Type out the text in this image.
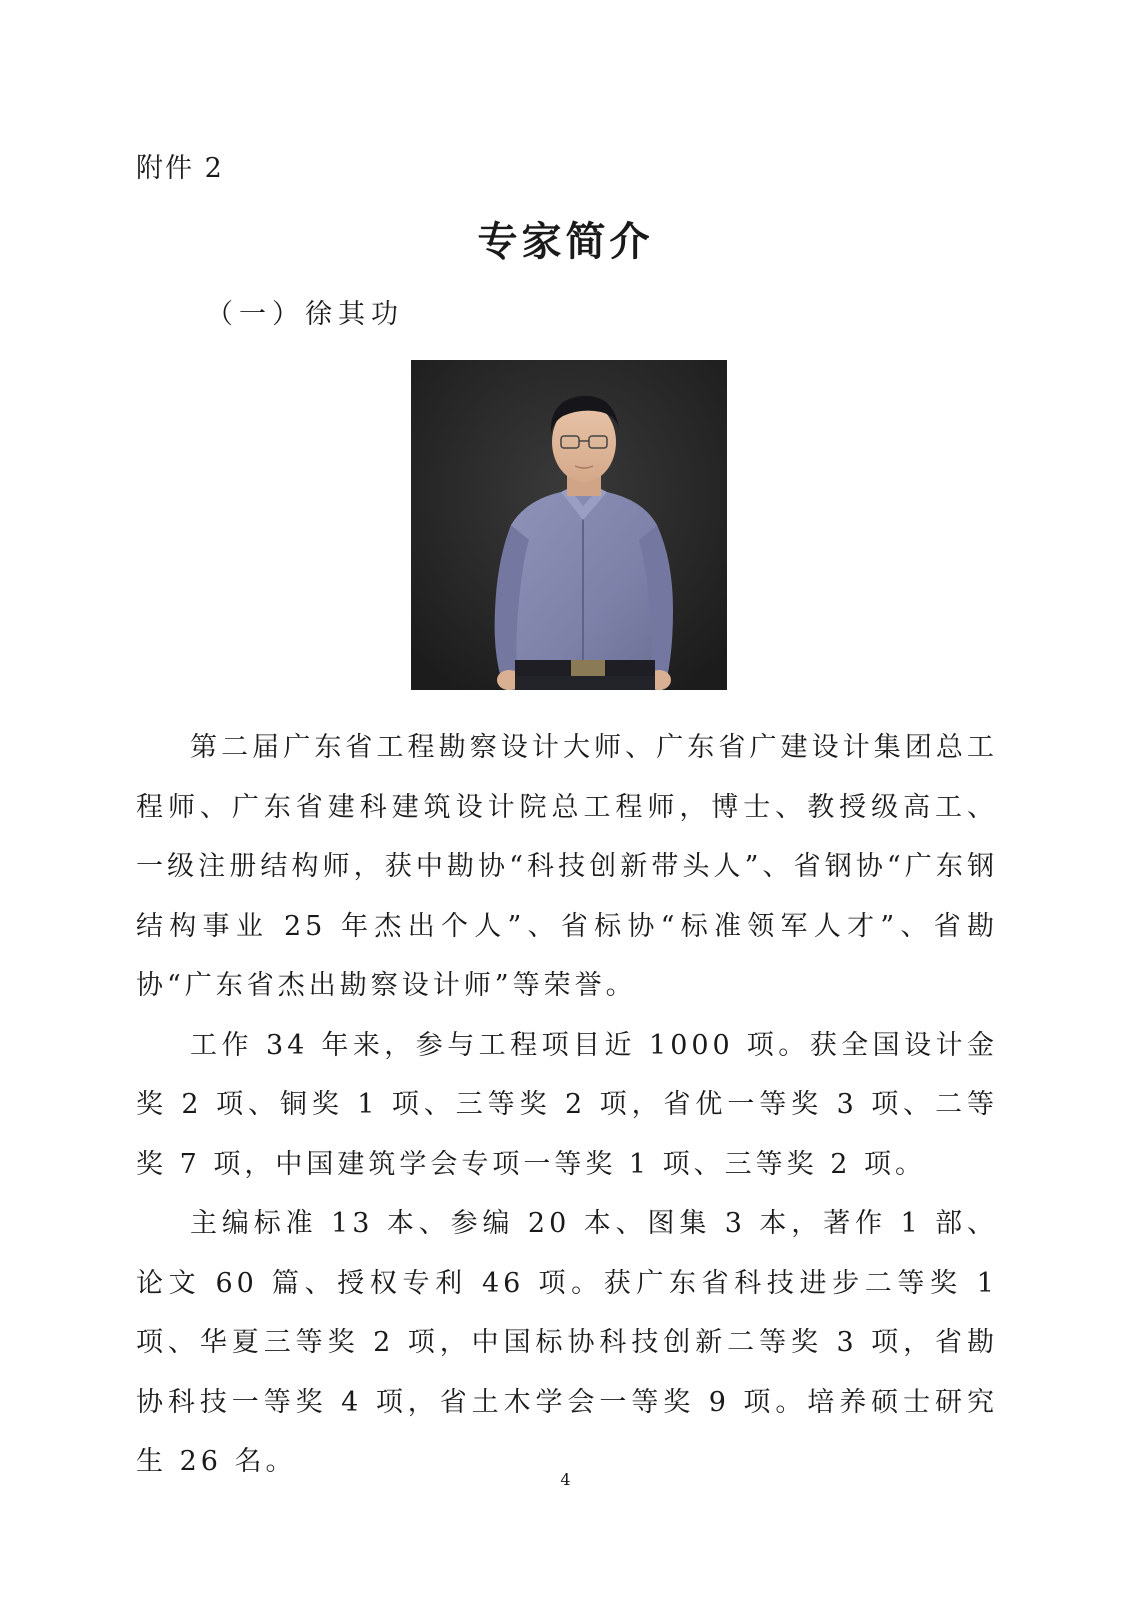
附件 2
专家简介
（一）徐其功

第二届广东省工程勘察设计大师、广东省广建设计集团总工程师、广东省建科建筑设计院总工程师，博士、教授级高工、一级注册结构师，获中勘协“科技创新带头人”、省钢协“广东钢结构事业 25 年杰出个人”、省标协“标准领军人才”、省勘协“广东省杰出勘察设计师”等荣誉。

工作 34 年来，参与工程项目近 1000 项。获全国设计金奖 2 项、铜奖 1 项、三等奖 2 项，省优一等奖 3 项、二等奖 7 项，中国建筑学会专项一等奖 1 项、三等奖 2 项。

主编标准 13 本、参编 20 本、图集 3 本，著作 1 部、论文 60 篇、授权专利 46 项。获广东省科技进步二等奖 1 项、华夏三等奖 2 项，中国标协科技创新二等奖 3 项，省勘协科技一等奖 4 项，省土木学会一等奖 9 项。培养硕士研究生 26 名。

4
